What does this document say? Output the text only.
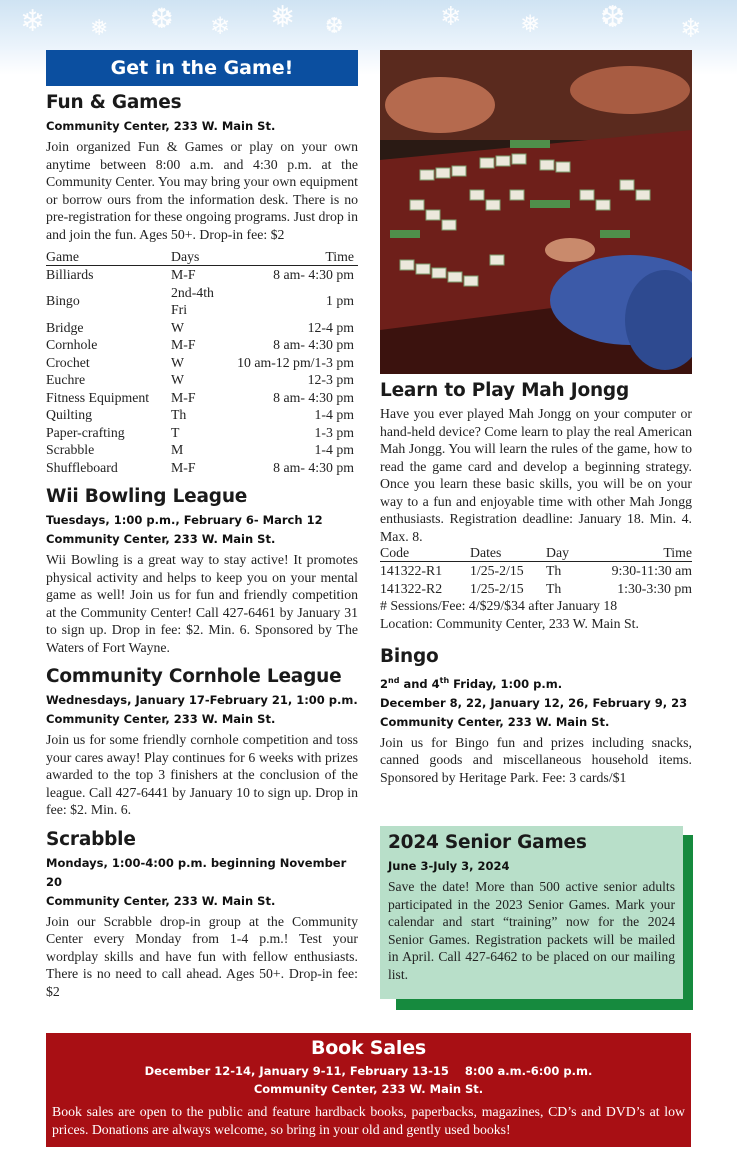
❄ ❅ ❆ ❄ ❅ ❆	❄ ❅ ❆ ❄
Get in the Game!
Fun & Games
Community Center, 233 W. Main St.

Join organized Fun & Games or play on your own anytime between 8:00 a.m. and 4:30 p.m. at the Community Center. You may bring your own equipment or borrow ours from the information desk. There is no pre-registration for these ongoing programs. Just drop in and join the fun. Ages 50+. Drop-in fee: $2

Game	Days	Time
Billiards	M-F	8 am- 4:30 pm
Bingo	2nd-4th Fri	1 pm
Bridge	W	12-4 pm
Cornhole	M-F	8 am- 4:30 pm
Crochet	W	10 am-12 pm/1-3 pm
Euchre	W	12-3 pm
Fitness Equipment	M-F	8 am- 4:30 pm
Quilting	Th	1-4 pm
Paper-crafting	T	1-3 pm
Scrabble	M	1-4 pm
Shuffleboard	M-F	8 am- 4:30 pm
Wii Bowling League
Tuesdays, 1:00 p.m., February 6- March 12
Community Center, 233 W. Main St.

Wii Bowling is a great way to stay active! It promotes physical activity and helps to keep you on your mental game as well! Join us for fun and friendly competition at the Community Center! Call 427-6461 by January 31 to sign up. Drop in fee: $2. Min. 6. Sponsored by The Waters of Fort Wayne.

Community Cornhole League
Wednesdays, January 17-February 21, 1:00 p.m.
Community Center, 233 W. Main St.

Join us for some friendly cornhole competition and toss your cares away! Play continues for 6 weeks with prizes awarded to the top 3 finishers at the conclusion of the league. Call 427-6441 by January 10 to sign up. Drop in fee: $2. Min. 6.

Scrabble
Mondays, 1:00-4:00 p.m. beginning November 20
Community Center, 233 W. Main St.

Join our Scrabble drop-in group at the Community Center every Monday from 1-4 p.m.! Test your wordplay skills and have fun with fellow enthusiasts. There is no need to call ahead. Ages 50+. Drop-in fee: $2

Learn to Play Mah Jongg

Have you ever played Mah Jongg on your computer or hand-held device? Come learn to play the real American Mah Jongg. You will learn the rules of the game, how to read the game card and develop a beginning strategy. Once you learn these basic skills, you will be on your way to a fun and enjoyable time with other Mah Jongg enthusiasts. Registration deadline: January 18. Min. 4. Max. 8.

Code	Dates	Day	Time
141322-R1	1/25-2/15	Th	9:30-11:30 am
141322-R2	1/25-2/15	Th	1:30-3:30 pm

# Sessions/Fee: 4/$29/$34 after January 18

Location: Community Center, 233 W. Main St.

Bingo
2nd and 4th Friday, 1:00 p.m.
December 8, 22, January 12, 26, February 9, 23
Community Center, 233 W. Main St.

Join us for Bingo fun and prizes including snacks, canned goods and miscellaneous household items. Sponsored by Heritage Park. Fee: 3 cards/$1

2024 Senior Games
June 3-July 3, 2024

Save the date! More than 500 active senior adults participated in the 2023 Senior Games. Mark your calendar and start “training” now for the 2024 Senior Games. Registration packets will be mailed in April. Call 427-6462 to be placed on our mailing list.

Book Sales
December 12-14, January 9-11, February 13-15    8:00 a.m.-6:00 p.m.
Community Center, 233 W. Main St.

Book sales are open to the public and feature hardback books, paperbacks, magazines, CD’s and DVD’s at low prices. Donations are always welcome, so bring in your old and gently used books!
